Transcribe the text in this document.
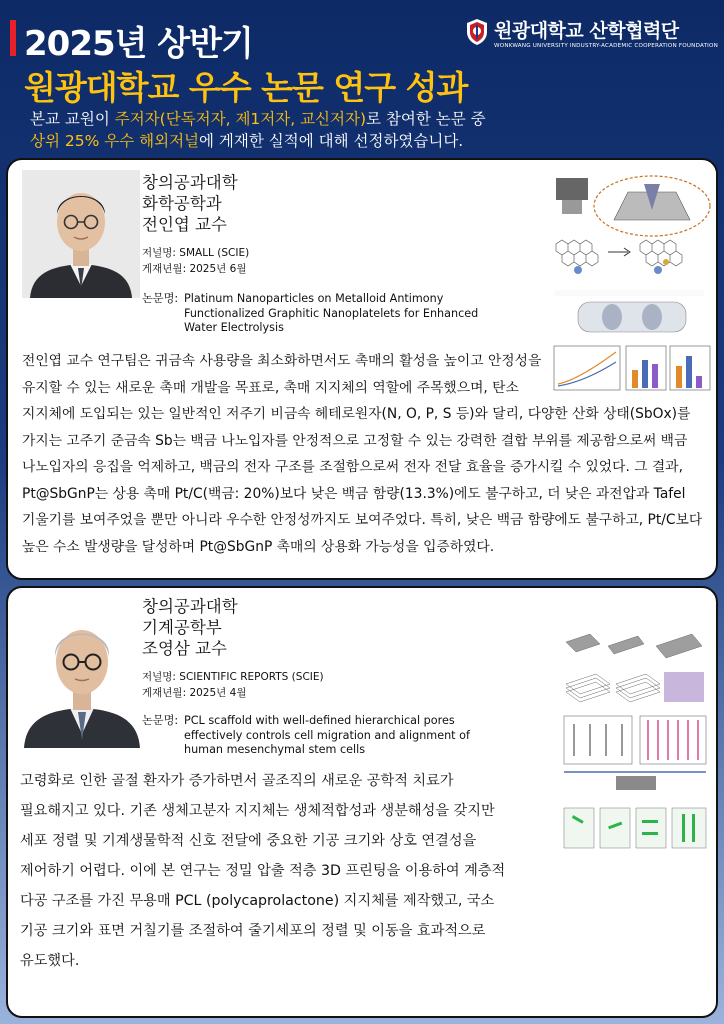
2025년 상반기
원광대학교 우수 논문 연구 성과
본교 교원이 주저자(단독저자, 제1저자, 교신저자)로 참여한 논문 중
상위 25% 우수 해외저널에 게재한 실적에 대해 선정하였습니다.
원광대학교 산학협력단
WONKWANG UNIVERSITY INDUSTRY-ACADEMIC COOPERATION FOUNDATION
창의공과대학
화학공학과
전인엽 교수
저널명: SMALL (SCIE)
게재년월: 2025년 6월
논문명: Platinum Nanoparticles on Metalloid Antimony Functionalized Graphitic Nanoplatelets for Enhanced Water Electrolysis
전인엽 교수 연구팀은 귀금속 사용량을 최소화하면서도 촉매의 활성을 높이고 안정성을
유지할 수 있는 새로운 촉매 개발을 목표로, 촉매 지지체의 역할에 주목했으며, 탄소
지지체에 도입되는 있는 일반적인 저주기 비금속 헤테로원자(N, O, P, S 등)와 달리, 다양한 산화 상태(SbOx)를
가지는 고주기 준금속 Sb는 백금 나노입자를 안정적으로 고정할 수 있는 강력한 결합 부위를 제공함으로써 백금
나노입자의 응집을 억제하고, 백금의 전자 구조를 조절함으로써 전자 전달 효율을 증가시킬 수 있었다. 그 결과,
Pt@SbGnP는 상용 촉매 Pt/C(백금: 20%)보다 낮은 백금 함량(13.3%)에도 불구하고, 더 낮은 과전압과 Tafel
기울기를 보여주었을 뿐만 아니라 우수한 안정성까지도 보여주었다. 특히, 낮은 백금 함량에도 불구하고, Pt/C보다
높은 수소 발생량을 달성하며 Pt@SbGnP 촉매의 상용화 가능성을 입증하였다.
창의공과대학
기계공학부
조영삼 교수
저널명: SCIENTIFIC REPORTS (SCIE)
게재년월: 2025년 4월
논문명: PCL scaffold with well-defined hierarchical pores effectively controls cell migration and alignment of human mesenchymal stem cells
고령화로 인한 골절 환자가 증가하면서 골조직의 새로운 공학적 치료가
필요해지고 있다. 기존 생체고분자 지지체는 생체적합성과 생분해성을 갖지만
세포 정렬 및 기계생물학적 신호 전달에 중요한 기공 크기와 상호 연결성을
제어하기 어렵다. 이에 본 연구는 정밀 압출 적층 3D 프린팅을 이용하여 계층적
다공 구조를 가진 무용매 PCL (polycaprolactone) 지지체를 제작했고, 국소
기공 크기와 표면 거칠기를 조절하여 줄기세포의 정렬 및 이동을 효과적으로
유도했다.
